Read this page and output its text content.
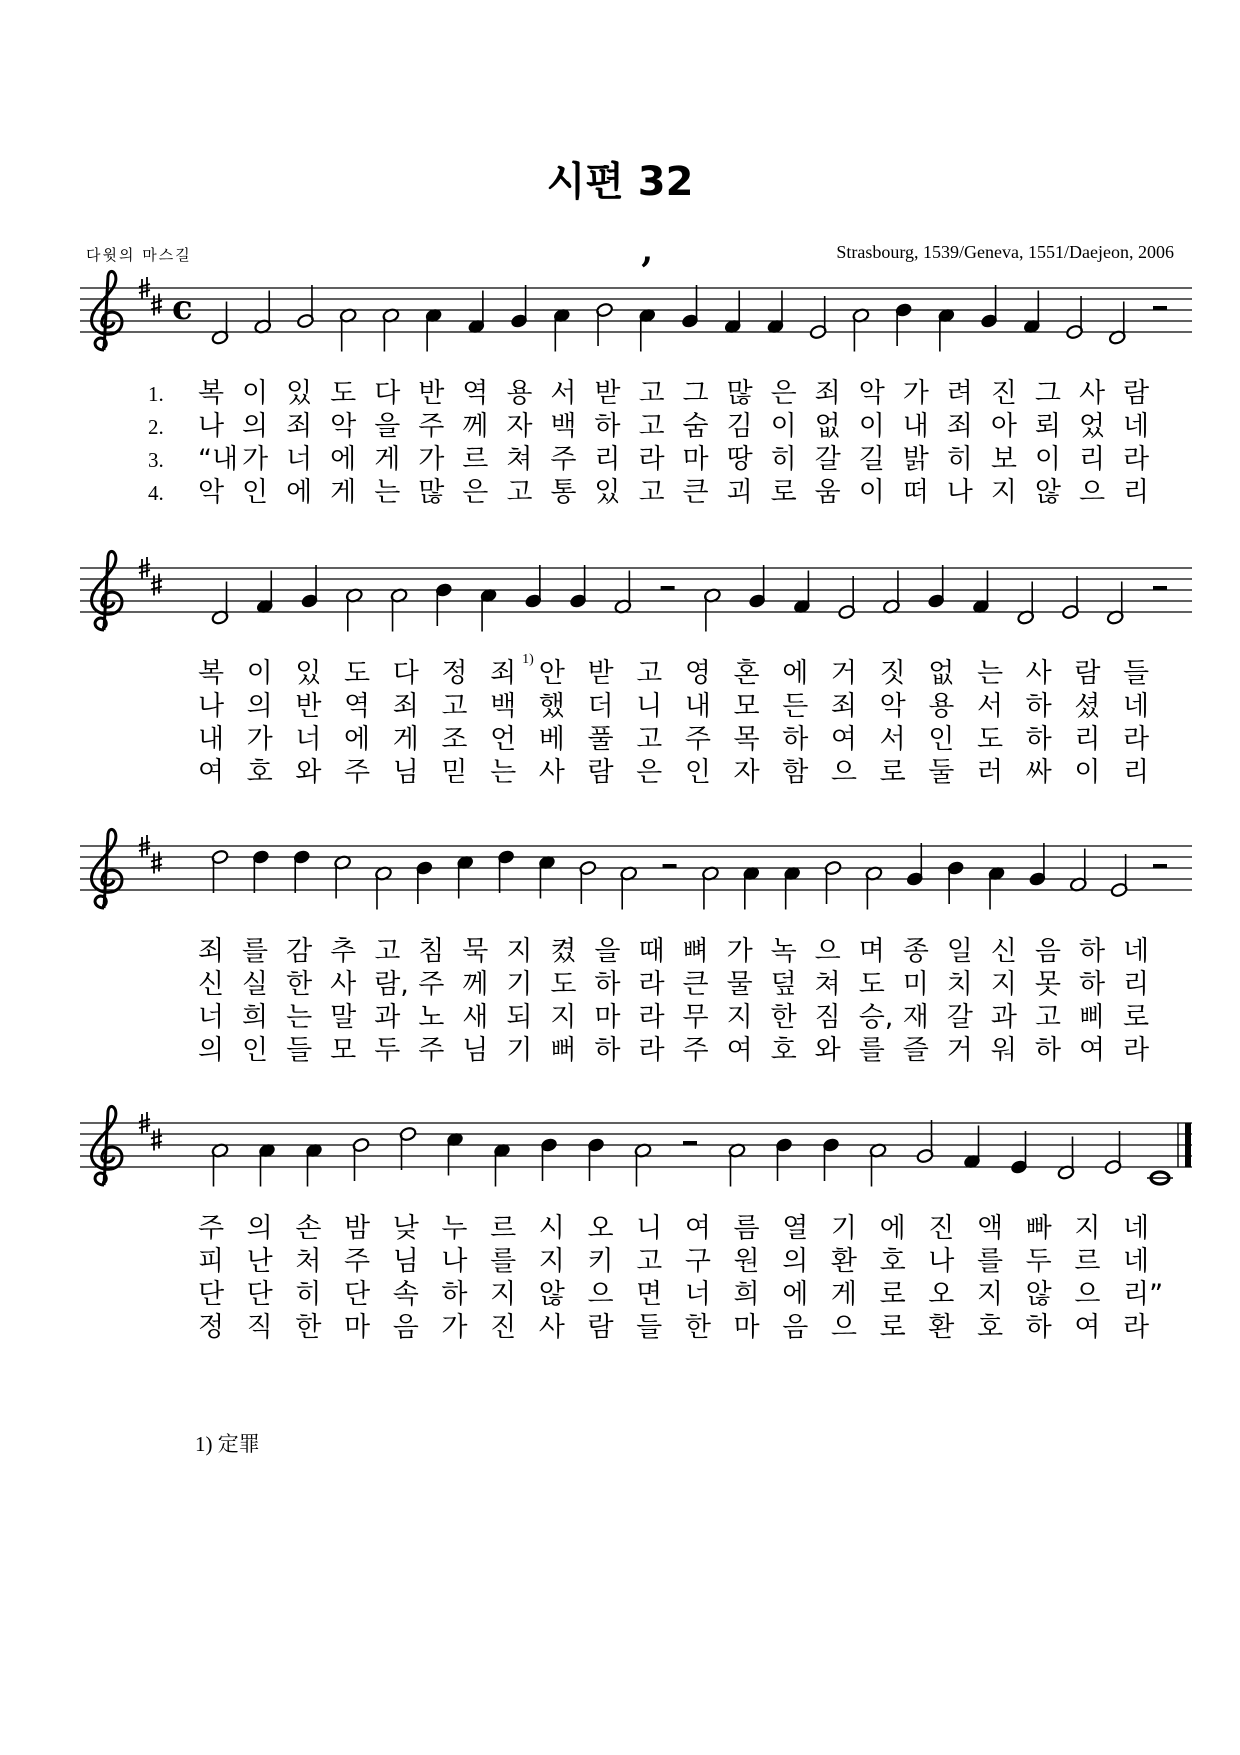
시편 32
다윗의 마스길	Strasbourg, 1539/Geneva, 1551/Daejeon, 2006
c
,
1. 복 이 있 도 다 반 역 용 서 받 고 그 많 은 죄 악 가 려 진 그 사 람
2. 나 의 죄 악 을 주 께 자 백 하 고 숨 김 이 없 이 내 죄 아 뢰 었 네
3. “내 가 너 에 게 가 르 쳐 주 리 라 마 땅 히 갈 길 밝 히 보 이 리 라
4. 악 인 에 게 는 많 은 고 통 있 고 큰 괴 로 움 이 떠 나 지 않 으 리
복 이 있 도 다 정 죄 안 받 고 영 혼 에 거 짓 없 는 사 람 들
나 의 반 역 죄 고 백 했 더 니 내 모 든 죄 악 용 서 하 셨 네
내 가 너 에 게 조 언 베 풀 고 주 목 하 여 서 인 도 하 리 라
여 호 와 주 님 믿 는 사 람 은 인 자 함 으 로 둘 러 싸 이 리
죄 를 감 추 고 침 묵 지 켰 을 때 뼈 가 녹 으 며 종 일 신 음 하 네
신 실 한 사 람, 주 께 기 도 하 라 큰 물 덮 쳐 도 미 치 지 못 하 리
너 희 는 말 과 노 새 되 지 마 라 무 지 한 짐 승, 재 갈 과 고 삐 로
의 인 들 모 두 주 님 기 뻐 하 라 주 여 호 와 를 즐 거 워 하 여 라
주 의 손 밤 낮 누 르 시 오 니 여 름 열 기 에 진 액 빠 지 네
피 난 처 주 님 나 를 지 키 고 구 원 의 환 호 나 를 두 르 네
단 단 히 단 속 하 지 않 으 면 너 희 에 게 로 오 지 않 으 리”
정 직 한 마 음 가 진 사 람 들 한 마 음 으 로 환 호 하 여 라
1)
1) 定罪
